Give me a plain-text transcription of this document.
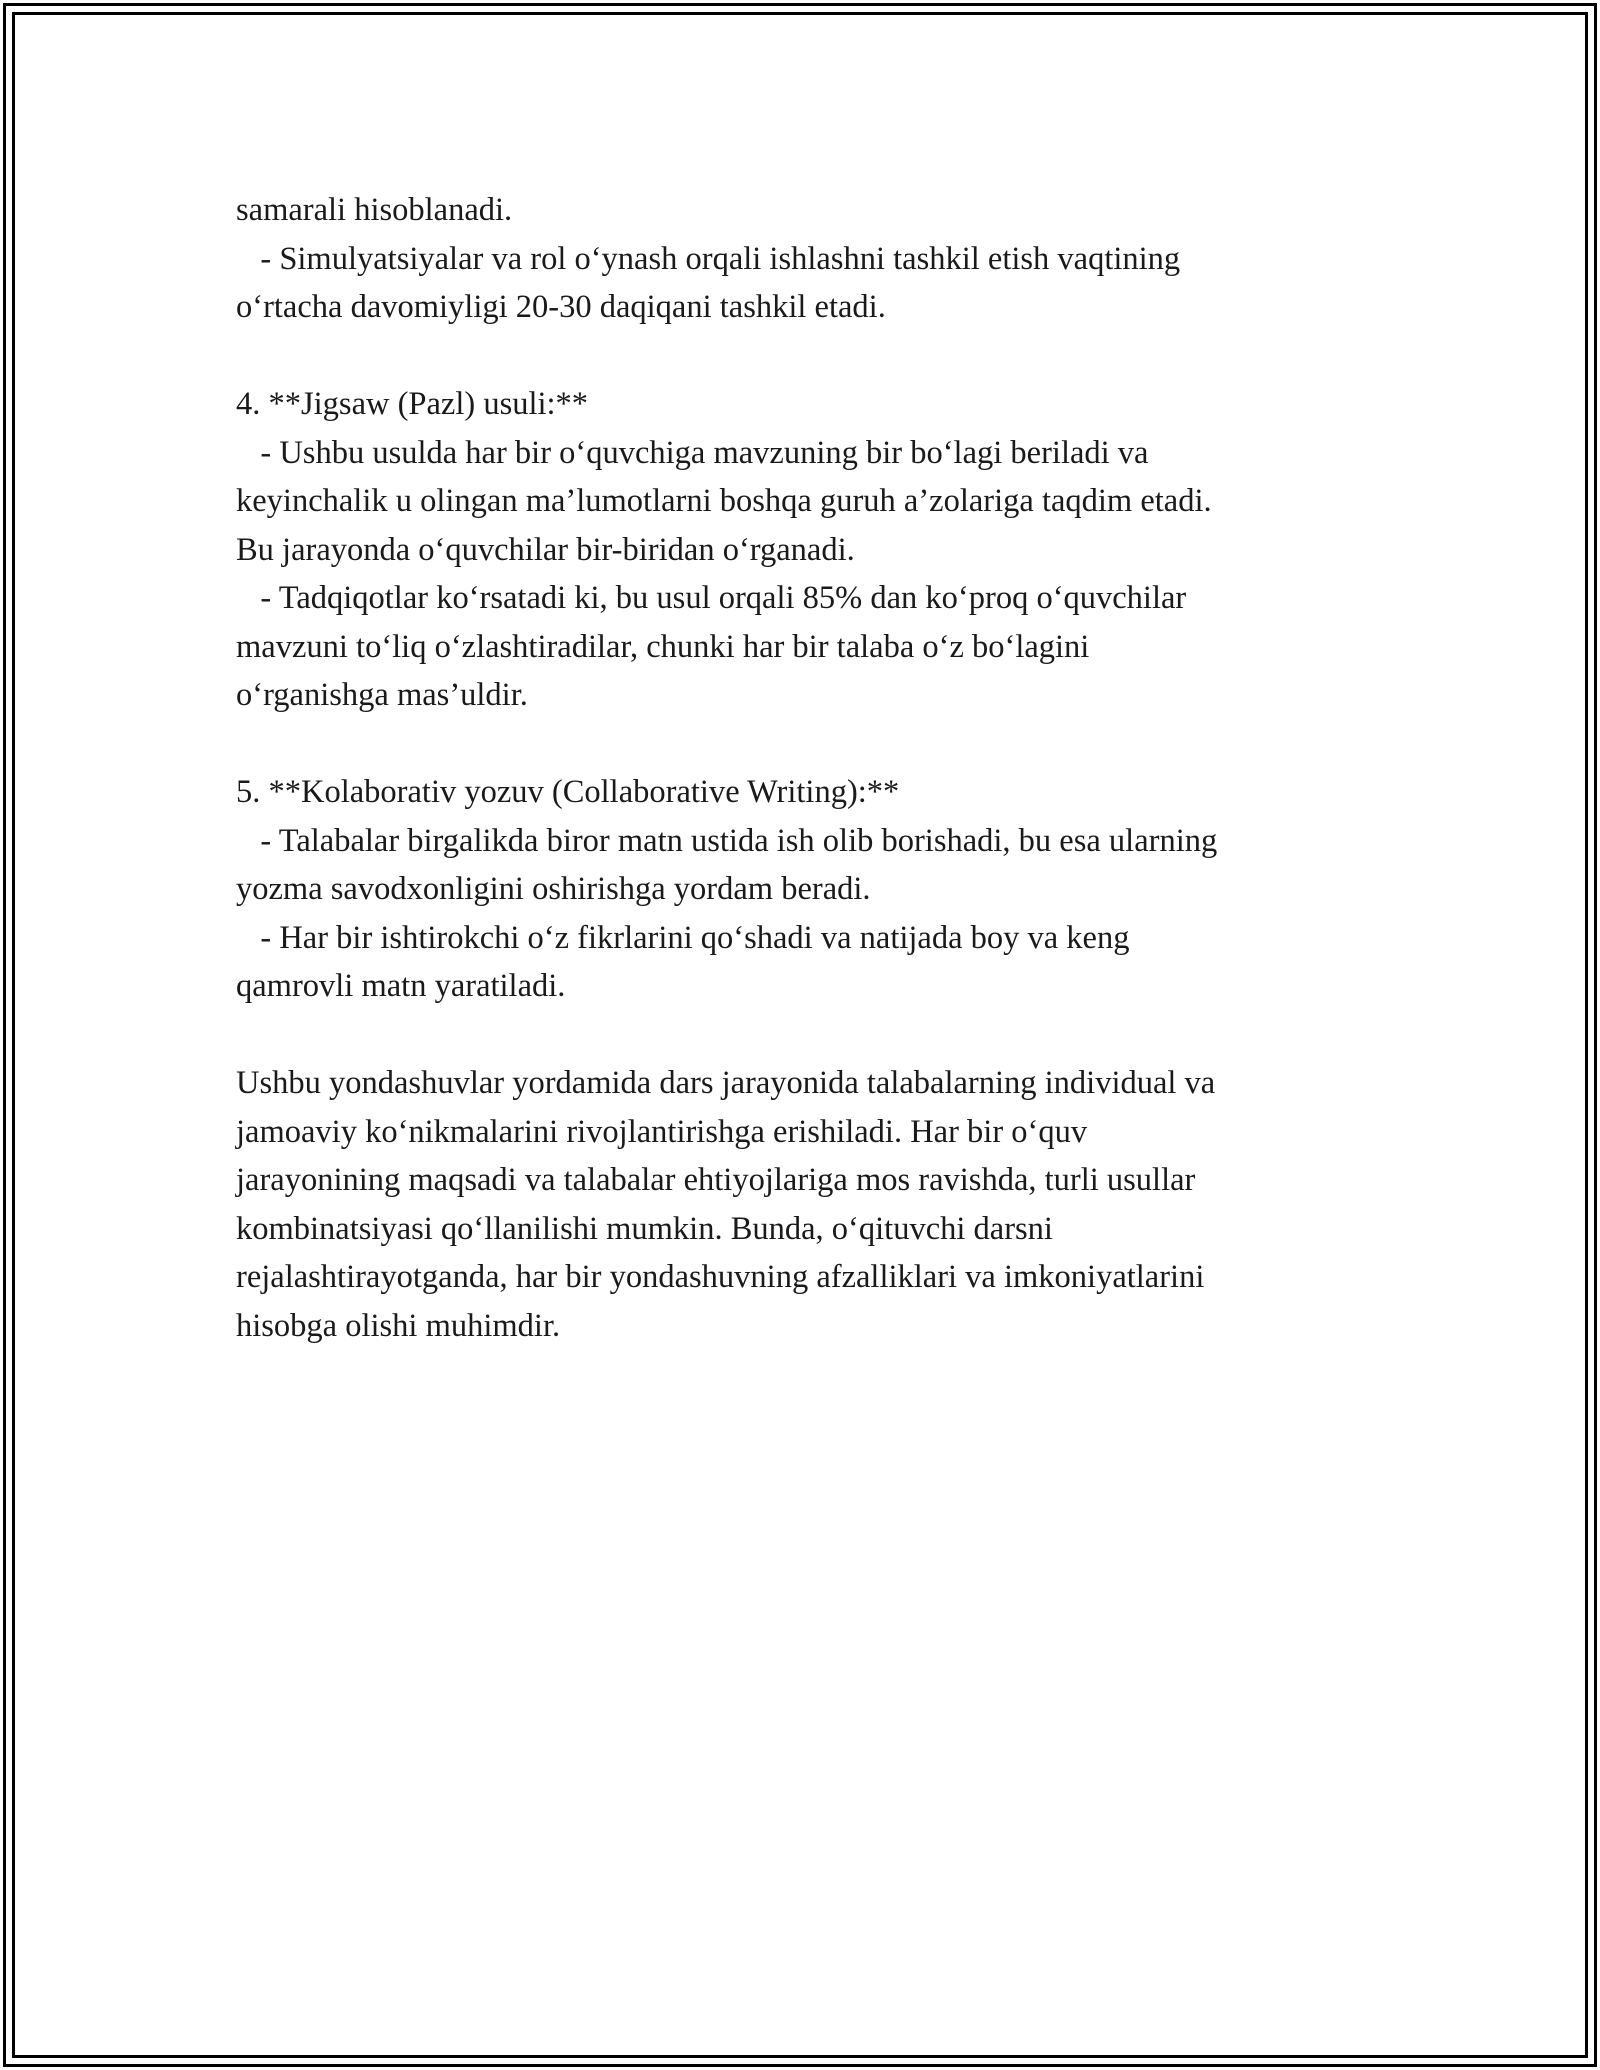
samarali hisoblanadi.
- Simulyatsiyalar va rol o‘ynash orqali ishlashni tashkil etish vaqtining
o‘rtacha davomiyligi 20-30 daqiqani tashkil etadi.
4. **Jigsaw (Pazl) usuli:**
- Ushbu usulda har bir o‘quvchiga mavzuning bir bo‘lagi beriladi va
keyinchalik u olingan ma’lumotlarni boshqa guruh a’zolariga taqdim etadi.
Bu jarayonda o‘quvchilar bir-biridan o‘rganadi.
- Tadqiqotlar ko‘rsatadi ki, bu usul orqali 85% dan ko‘proq o‘quvchilar
mavzuni to‘liq o‘zlashtiradilar, chunki har bir talaba o‘z bo‘lagini
o‘rganishga mas’uldir.
5. **Kolaborativ yozuv (Collaborative Writing):**
- Talabalar birgalikda biror matn ustida ish olib borishadi, bu esa ularning
yozma savodxonligini oshirishga yordam beradi.
- Har bir ishtirokchi o‘z fikrlarini qo‘shadi va natijada boy va keng
qamrovli matn yaratiladi.
Ushbu yondashuvlar yordamida dars jarayonida talabalarning individual va
jamoaviy ko‘nikmalarini rivojlantirishga erishiladi. Har bir o‘quv
jarayonining maqsadi va talabalar ehtiyojlariga mos ravishda, turli usullar
kombinatsiyasi qo‘llanilishi mumkin. Bunda, o‘qituvchi darsni
rejalashtirayotganda, har bir yondashuvning afzalliklari va imkoniyatlarini
hisobga olishi muhimdir.
